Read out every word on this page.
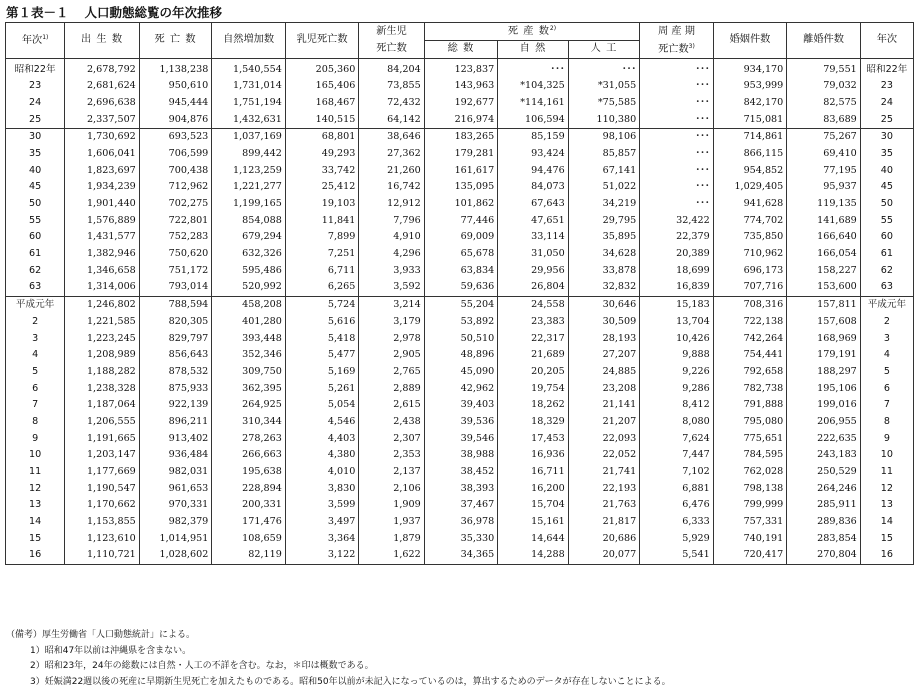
第１表－１ 人口動態総覧の年次推移
年次$^{1)}$	出 生 数	死 亡 数	自然増加数	乳児死亡数	新生児	死 産 数$^{2)}$			周 産 期	婚姻件数	離婚件数	年次
					死亡数	総 数	自 然	人 工	死亡数$^{3)}$
昭和22年	2,678,792	1,138,238	1,540,554	205,360	84,204	123,837	･･･	･･･	･･･	934,170	79,551	昭和22年
23	2,681,624	950,610	1,731,014	165,406	73,855	143,963	*104,325	*31,055	･･･	953,999	79,032	23
24	2,696,638	945,444	1,751,194	168,467	72,432	192,677	*114,161	*75,585	･･･	842,170	82,575	24
25	2,337,507	904,876	1,432,631	140,515	64,142	216,974	106,594	110,380	･･･	715,081	83,689	25
30	1,730,692	693,523	1,037,169	68,801	38,646	183,265	85,159	98,106	･･･	714,861	75,267	30
35	1,606,041	706,599	899,442	49,293	27,362	179,281	93,424	85,857	･･･	866,115	69,410	35
40	1,823,697	700,438	1,123,259	33,742	21,260	161,617	94,476	67,141	･･･	954,852	77,195	40
45	1,934,239	712,962	1,221,277	25,412	16,742	135,095	84,073	51,022	･･･	1,029,405	95,937	45
50	1,901,440	702,275	1,199,165	19,103	12,912	101,862	67,643	34,219	･･･	941,628	119,135	50
55	1,576,889	722,801	854,088	11,841	7,796	77,446	47,651	29,795	32,422	774,702	141,689	55
60	1,431,577	752,283	679,294	7,899	4,910	69,009	33,114	35,895	22,379	735,850	166,640	60
61	1,382,946	750,620	632,326	7,251	4,296	65,678	31,050	34,628	20,389	710,962	166,054	61
62	1,346,658	751,172	595,486	6,711	3,933	63,834	29,956	33,878	18,699	696,173	158,227	62
63	1,314,006	793,014	520,992	6,265	3,592	59,636	26,804	32,832	16,839	707,716	153,600	63
平成元年	1,246,802	788,594	458,208	5,724	3,214	55,204	24,558	30,646	15,183	708,316	157,811	平成元年
2	1,221,585	820,305	401,280	5,616	3,179	53,892	23,383	30,509	13,704	722,138	157,608	2
3	1,223,245	829,797	393,448	5,418	2,978	50,510	22,317	28,193	10,426	742,264	168,969	3
4	1,208,989	856,643	352,346	5,477	2,905	48,896	21,689	27,207	9,888	754,441	179,191	4
5	1,188,282	878,532	309,750	5,169	2,765	45,090	20,205	24,885	9,226	792,658	188,297	5
6	1,238,328	875,933	362,395	5,261	2,889	42,962	19,754	23,208	9,286	782,738	195,106	6
7	1,187,064	922,139	264,925	5,054	2,615	39,403	18,262	21,141	8,412	791,888	199,016	7
8	1,206,555	896,211	310,344	4,546	2,438	39,536	18,329	21,207	8,080	795,080	206,955	8
9	1,191,665	913,402	278,263	4,403	2,307	39,546	17,453	22,093	7,624	775,651	222,635	9
10	1,203,147	936,484	266,663	4,380	2,353	38,988	16,936	22,052	7,447	784,595	243,183	10
11	1,177,669	982,031	195,638	4,010	2,137	38,452	16,711	21,741	7,102	762,028	250,529	11
12	1,190,547	961,653	228,894	3,830	2,106	38,393	16,200	22,193	6,881	798,138	264,246	12
13	1,170,662	970,331	200,331	3,599	1,909	37,467	15,704	21,763	6,476	799,999	285,911	13
14	1,153,855	982,379	171,476	3,497	1,937	36,978	15,161	21,817	6,333	757,331	289,836	14
15	1,123,610	1,014,951	108,659	3,364	1,879	35,330	14,644	20,686	5,929	740,191	283,854	15
16	1,110,721	1,028,602	82,119	3,122	1,622	34,365	14,288	20,077	5,541	720,417	270,804	16
（備考）厚生労働省「人口動態統計」による。
1）昭和47年以前は沖縄県を含まない。
2）昭和23年，24年の総数には自然・人工の不詳を含む。なお，＊印は概数である。
3）妊娠満22週以後の死産に早期新生児死亡を加えたものである。昭和50年以前が未記入になっているのは，算出するためのデータが存在しないことによる。
